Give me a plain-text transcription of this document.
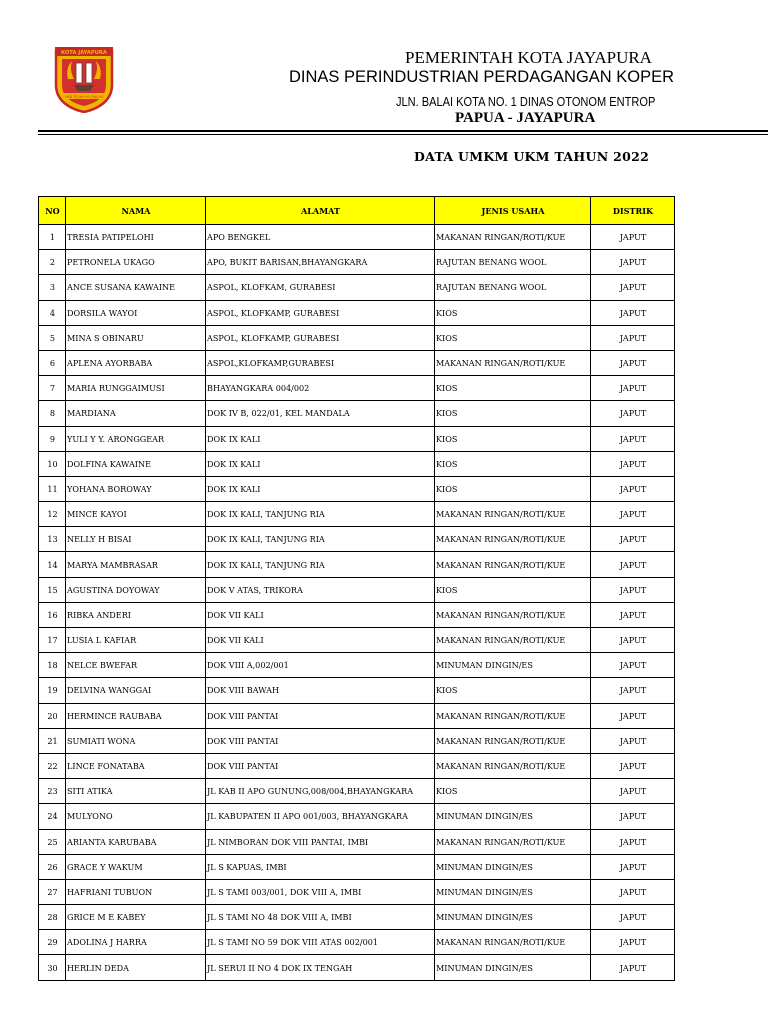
KOTA JAYAPURA
HEN TECAHI YO ONO UI
PEMERINTAH KOTA JAYAPURA
DINAS PERINDUSTRIAN PERDAGANGAN KOPER
JLN. BALAI KOTA NO. 1 DINAS OTONOM ENTROP
PAPUA - JAYAPURA
DATA UMKM UKM TAHUN 2022
NO	NAMA	ALAMAT	JENIS USAHA	DISTRIK
1	TRESIA PATIPELOHI	APO BENGKEL	MAKANAN RINGAN/ROTI/KUE	JAPUT
2	PETRONELA UKAGO	APO, BUKIT BARISAN,BHAYANGKARA	RAJUTAN BENANG WOOL	JAPUT
3	ANCE SUSANA KAWAINE	ASPOL, KLOFKAM, GURABESI	RAJUTAN BENANG WOOL	JAPUT
4	DORSILA WAYOI	ASPOL, KLOFKAMP, GURABESI	KIOS	JAPUT
5	MINA S OBINARU	ASPOL, KLOFKAMP, GURABESI	KIOS	JAPUT
6	APLENA AYORBABA	ASPOL,KLOFKAMP,GURABESI	MAKANAN RINGAN/ROTI/KUE	JAPUT
7	MARIA RUNGGAIMUSI	BHAYANGKARA 004/002	KIOS	JAPUT
8	MARDIANA	DOK IV B, 022/01, KEL MANDALA	KIOS	JAPUT
9	YULI Y Y. ARONGGEAR	DOK IX KALI	KIOS	JAPUT
10	DOLFINA KAWAINE	DOK IX KALI	KIOS	JAPUT
11	YOHANA BOROWAY	DOK IX KALI	KIOS	JAPUT
12	MINCE KAYOI	DOK IX KALI, TANJUNG RIA	MAKANAN RINGAN/ROTI/KUE	JAPUT
13	NELLY H BISAI	DOK IX KALI, TANJUNG RIA	MAKANAN RINGAN/ROTI/KUE	JAPUT
14	MARYA MAMBRASAR	DOK IX KALI, TANJUNG RIA	MAKANAN RINGAN/ROTI/KUE	JAPUT
15	AGUSTINA DOYOWAY	DOK V ATAS, TRIKORA	KIOS	JAPUT
16	RIBKA ANDERI	DOK VII KALI	MAKANAN RINGAN/ROTI/KUE	JAPUT
17	LUSIA L KAFIAR	DOK VII KALI	MAKANAN RINGAN/ROTI/KUE	JAPUT
18	NELCE BWEFAR	DOK VIII A,002/001	MINUMAN DINGIN/ES	JAPUT
19	DELVINA WANGGAI	DOK VIII BAWAH	KIOS	JAPUT
20	HERMINCE RAUBABA	DOK VIII PANTAI	MAKANAN RINGAN/ROTI/KUE	JAPUT
21	SUMIATI WONA	DOK VIII PANTAI	MAKANAN RINGAN/ROTI/KUE	JAPUT
22	LINCE FONATABA	DOK VIII PANTAI	MAKANAN RINGAN/ROTI/KUE	JAPUT
23	SITI ATIKA	JL KAB II APO GUNUNG,008/004,BHAYANGKARA	KIOS	JAPUT
24	MULYONO	JL KABUPATEN II APO 001/003, BHAYANGKARA	MINUMAN DINGIN/ES	JAPUT
25	ARIANTA KARUBABA	JL NIMBORAN DOK VIII PANTAI, IMBI	MAKANAN RINGAN/ROTI/KUE	JAPUT
26	GRACE Y WAKUM	JL S KAPUAS, IMBI	MINUMAN DINGIN/ES	JAPUT
27	HAFRIANI TUBUON	JL S TAMI 003/001, DOK VIII A, IMBI	MINUMAN DINGIN/ES	JAPUT
28	GRICE M E KABEY	JL S TAMI NO 48 DOK VIII A, IMBI	MINUMAN DINGIN/ES	JAPUT
29	ADOLINA J HARRA	JL S TAMI NO 59 DOK VIII ATAS 002/001	MAKANAN RINGAN/ROTI/KUE	JAPUT
30	HERLIN DEDA	JL SERUI II NO 4 DOK IX TENGAH	MINUMAN DINGIN/ES	JAPUT
